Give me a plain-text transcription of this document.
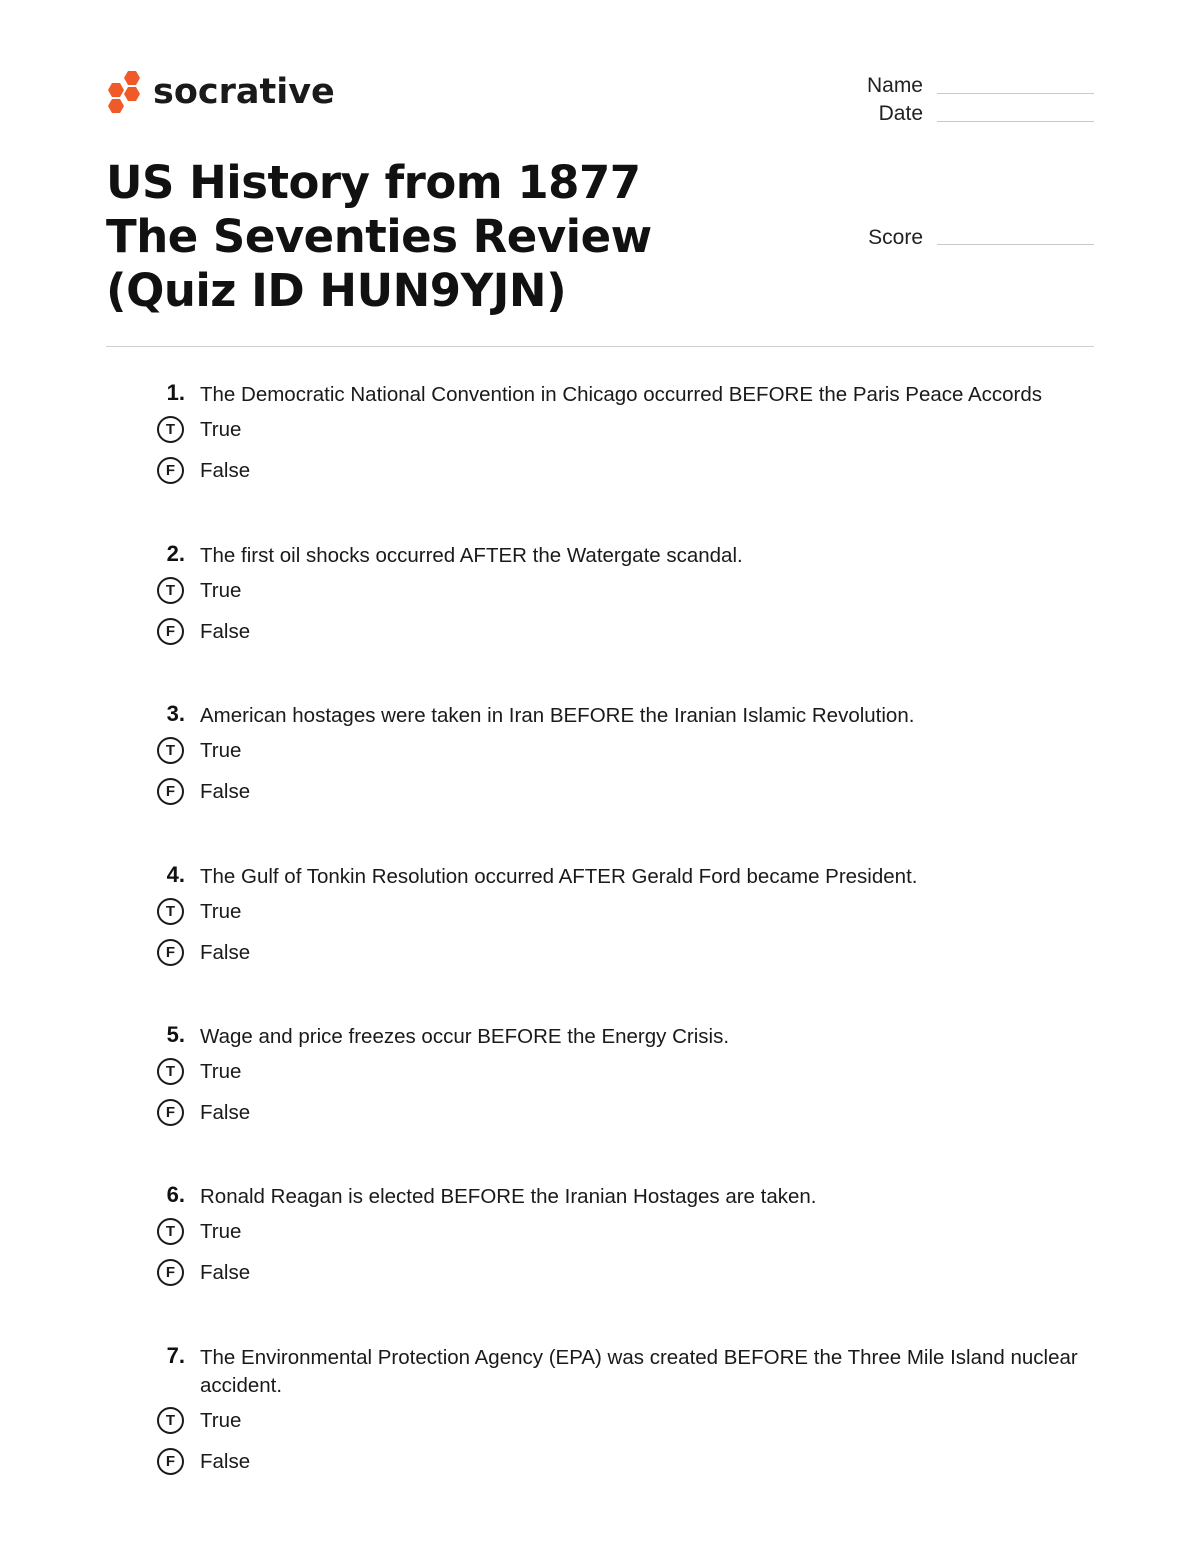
socrative	Name
Date
Score
US History from 1877 The Seventies Review (Quiz ID HUN9YJN)
1. The Democratic National Convention in Chicago occurred BEFORE the Paris Peace Accords
T	True
F	False
2. The first oil shocks occurred AFTER the Watergate scandal.
T	True
F	False
3. American hostages were taken in Iran BEFORE the Iranian Islamic Revolution.
T	True
F	False
4. The Gulf of Tonkin Resolution occurred AFTER Gerald Ford became President.
T	True
F	False
5. Wage and price freezes occur BEFORE the Energy Crisis.
T	True
F	False
6. Ronald Reagan is elected BEFORE the Iranian Hostages are taken.
T	True
F	False
7. The Environmental Protection Agency (EPA) was created BEFORE the Three Mile Island nuclear accident.
T	True
F	False
